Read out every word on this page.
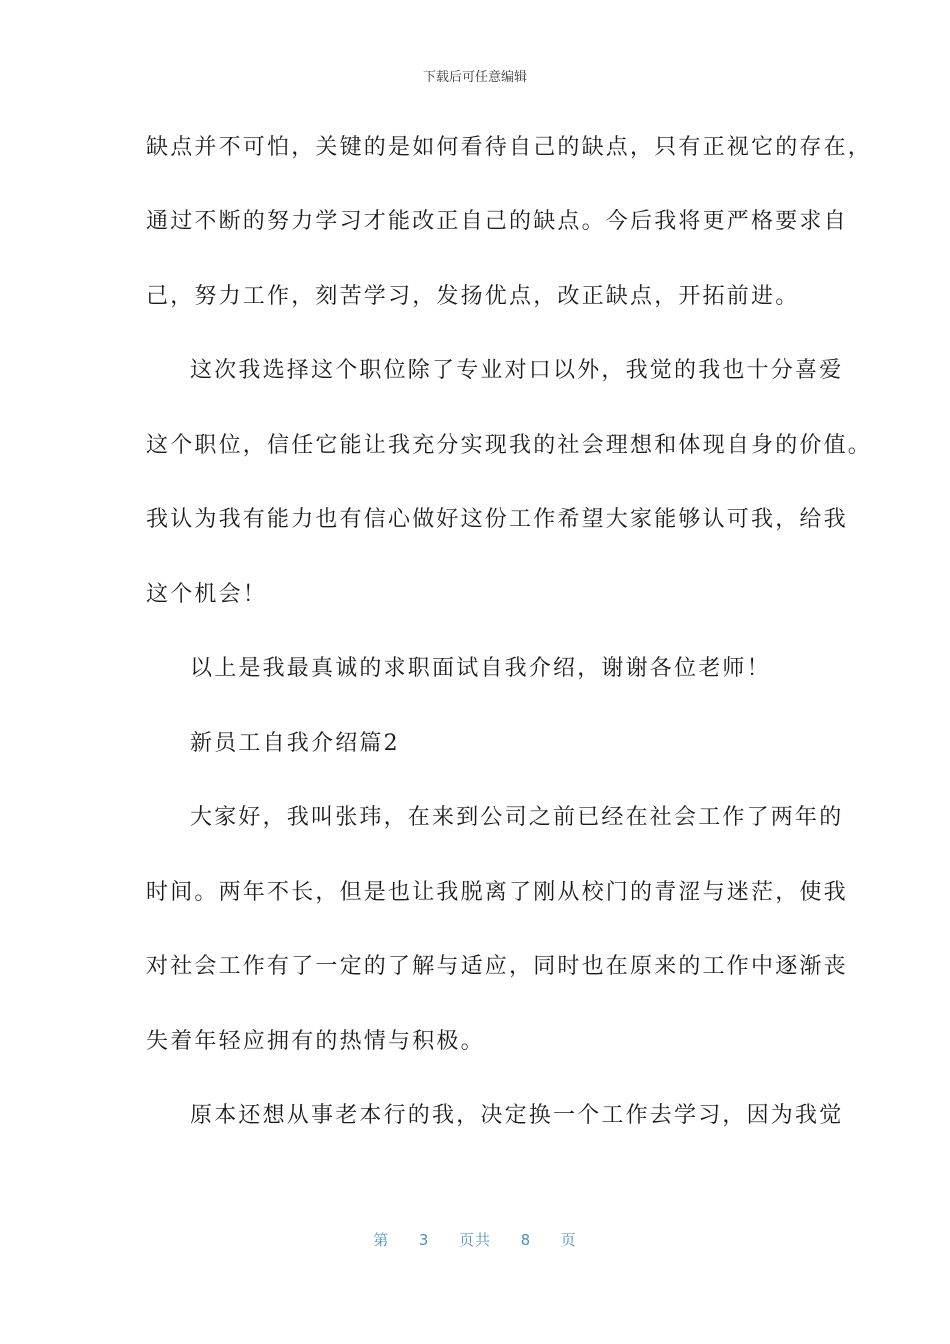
下载后可任意编辑
缺点并不可怕，关键的是如何看待自己的缺点，只有正视它的存在，
通过不断的努力学习才能改正自己的缺点。今后我将更严格要求自
己，努力工作，刻苦学习，发扬优点，改正缺点，开拓前进。
这次我选择这个职位除了专业对口以外，我觉的我也十分喜爱
这个职位，信任它能让我充分实现我的社会理想和体现自身的价值。
我认为我有能力也有信心做好这份工作希望大家能够认可我，给我
这个机会！
以上是我最真诚的求职面试自我介绍，谢谢各位老师！
新员工自我介绍篇2
大家好，我叫张玮，在来到公司之前已经在社会工作了两年的
时间。两年不长，但是也让我脱离了刚从校门的青涩与迷茫，使我
对社会工作有了一定的了解与适应，同时也在原来的工作中逐渐丧
失着年轻应拥有的热情与积极。
原本还想从事老本行的我，决定换一个工作去学习，因为我觉
第 3 页共 8 页
